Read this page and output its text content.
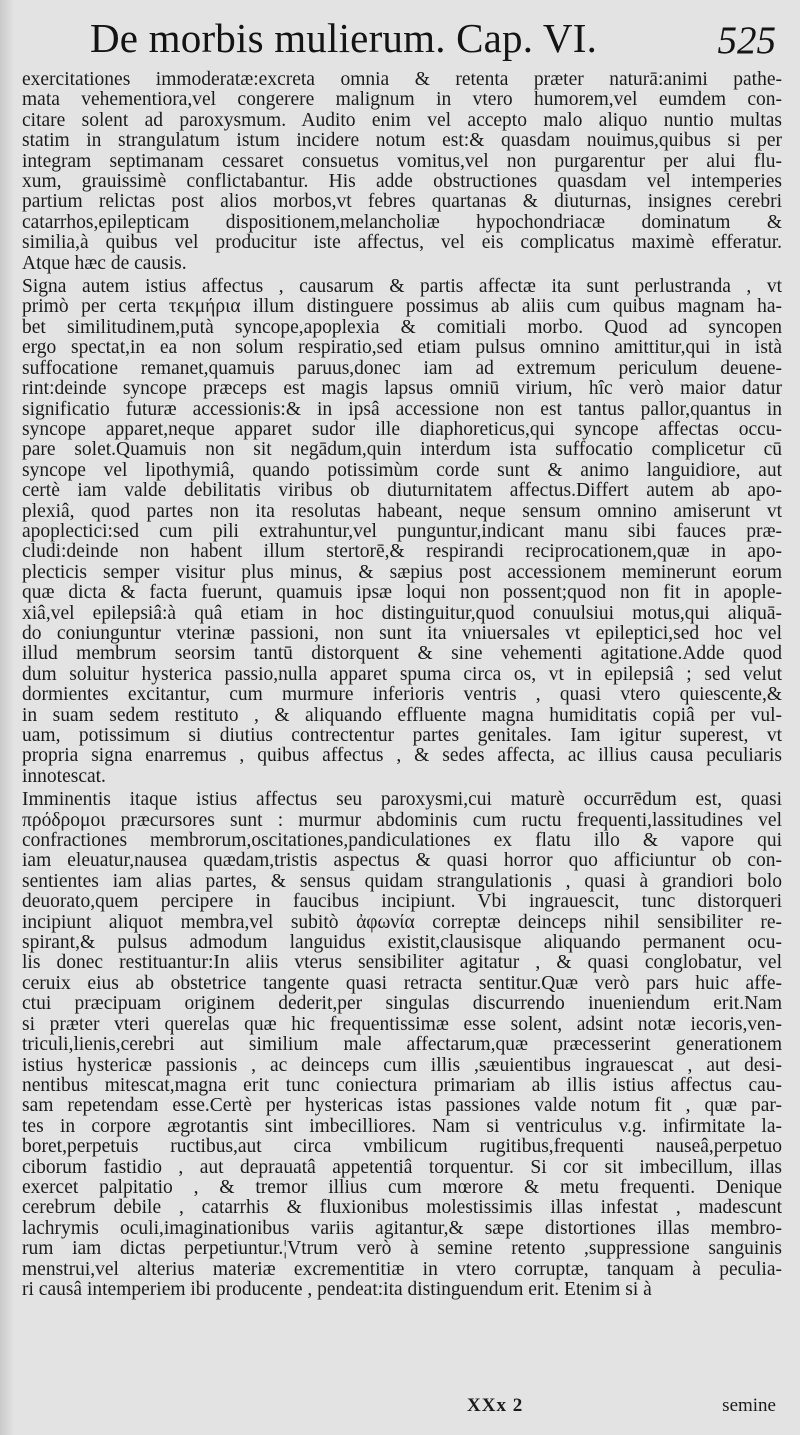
De morbis mulierum. Cap. VI.	525
exercitationes immoderatæ:excreta omnia & retenta præter naturā:animi pathe-
mata vehementiora,vel congerere malignum in vtero humorem,vel eumdem con-
citare solent ad paroxysmum. Audito enim vel accepto malo aliquo nuntio multas
statim in strangulatum istum incidere notum est:& quasdam nouimus,quibus si per
integram septimanam cessaret consuetus vomitus,vel non purgarentur per alui flu-
xum, grauissimè conflictabantur. His adde obstructiones quasdam vel intemperies
partium relictas post alios morbos,vt febres quartanas & diuturnas, insignes cerebri
catarrhos,epilepticam dispositionem,melancholiæ hypochondriacæ dominatum &
similia,à quibus vel producitur iste affectus, vel eis complicatus maximè efferatur.
Atque hæc de causis.
Signa autem istius affectus , causarum & partis affectæ ita sunt perlustranda , vt
primò per certa τεκμήρια illum distinguere possimus ab aliis cum quibus magnam ha-
bet similitudinem,putà syncope,apoplexia & comitiali morbo. Quod ad syncopen
ergo spectat,in ea non solum respiratio,sed etiam pulsus omnino amittitur,qui in istà
suffocatione remanet,quamuis paruus,donec iam ad extremum periculum deuene-
rint:deinde syncope præceps est magis lapsus omniū virium, hîc verò maior datur
significatio futuræ accessionis:& in ipsâ accessione non est tantus pallor,quantus in
syncope apparet,neque apparet sudor ille diaphoreticus,qui syncope affectas occu-
pare solet.Quamuis non sit negādum,quin interdum ista suffocatio complicetur cū
syncope vel lipothymiâ, quando potissimùm corde sunt & animo languidiore, aut
certè iam valde debilitatis viribus ob diuturnitatem affectus.Differt autem ab apo-
plexiâ, quod partes non ita resolutas habeant, neque sensum omnino amiserunt vt
apoplectici:sed cum pili extrahuntur,vel punguntur,indicant manu sibi fauces præ-
cludi:deinde non habent illum stertorē,& respirandi reciprocationem,quæ in apo-
plecticis semper visitur plus minus, & sæpius post accessionem meminerunt eorum
quæ dicta & facta fuerunt, quamuis ipsæ loqui non possent;quod non fit in apople-
xiâ,vel epilepsiâ:à quâ etiam in hoc distinguitur,quod conuulsiui motus,qui aliquā-
do coniunguntur vterinæ passioni, non sunt ita vniuersales vt epileptici,sed hoc vel
illud membrum seorsim tantū distorquent & sine vehementi agitatione.Adde quod
dum soluitur hysterica passio,nulla apparet spuma circa os, vt in epilepsiâ ; sed velut
dormientes excitantur, cum murmure inferioris ventris , quasi vtero quiescente,&
in suam sedem restituto , & aliquando effluente magna humiditatis copiâ per vul-
uam, potissimum si diutius contrectentur partes genitales. Iam igitur superest, vt
propria signa enarremus , quibus affectus , & sedes affecta, ac illius causa peculiaris
innotescat.
Imminentis itaque istius affectus seu paroxysmi,cui maturè occurrēdum est, quasi
πρόδρομοι præcursores sunt : murmur abdominis cum ructu frequenti,lassitudines vel
confractiones membrorum,oscitationes,pandiculationes ex flatu illo & vapore qui
iam eleuatur,nausea quædam,tristis aspectus & quasi horror quo afficiuntur ob con-
sentientes iam alias partes, & sensus quidam strangulationis , quasi à grandiori bolo
deuorato,quem percipere in faucibus incipiunt. Vbi ingrauescit, tunc distorqueri
incipiunt aliquot membra,vel subitò ἀφωνία correptæ deinceps nihil sensibiliter re-
spirant,& pulsus admodum languidus existit,clausisque aliquando permanent ocu-
lis donec restituantur:In aliis vterus sensibiliter agitatur , & quasi conglobatur, vel
ceruix eius ab obstetrice tangente quasi retracta sentitur.Quæ verò pars huic affe-
ctui præcipuam originem dederit,per singulas discurrendo inueniendum erit.Nam
si præter vteri querelas quæ hic frequentissimæ esse solent, adsint notæ iecoris,ven-
triculi,lienis,cerebri aut similium male affectarum,quæ præcesserint generationem
istius hystericæ passionis , ac deinceps cum illis ,sæuientibus ingrauescat , aut desi-
nentibus mitescat,magna erit tunc coniectura primariam ab illis istius affectus cau-
sam repetendam esse.Certè per hystericas istas passiones valde notum fit , quæ par-
tes in corpore ægrotantis sint imbecilliores. Nam si ventriculus v.g. infirmitate la-
boret,perpetuis ructibus,aut circa vmbilicum rugitibus,frequenti nauseâ,perpetuo
ciborum fastidio , aut deprauatâ appetentiâ torquentur. Si cor sit imbecillum, illas
exercet palpitatio , & tremor illius cum mœrore & metu frequenti. Denique
cerebrum debile , catarrhis & fluxionibus molestissimis illas infestat , madescunt
lachrymis oculi,imaginationibus variis agitantur,& sæpe distortiones illas membro-
rum iam dictas perpetiuntur.¦Vtrum verò à semine retento ,suppressione sanguinis
menstrui,vel alterius materiæ excrementitiæ in vtero corruptæ, tanquam à peculia-
ri causâ intemperiem ibi producente , pendeat:ita distinguendum erit. Etenim si à
XXx 2	semine
